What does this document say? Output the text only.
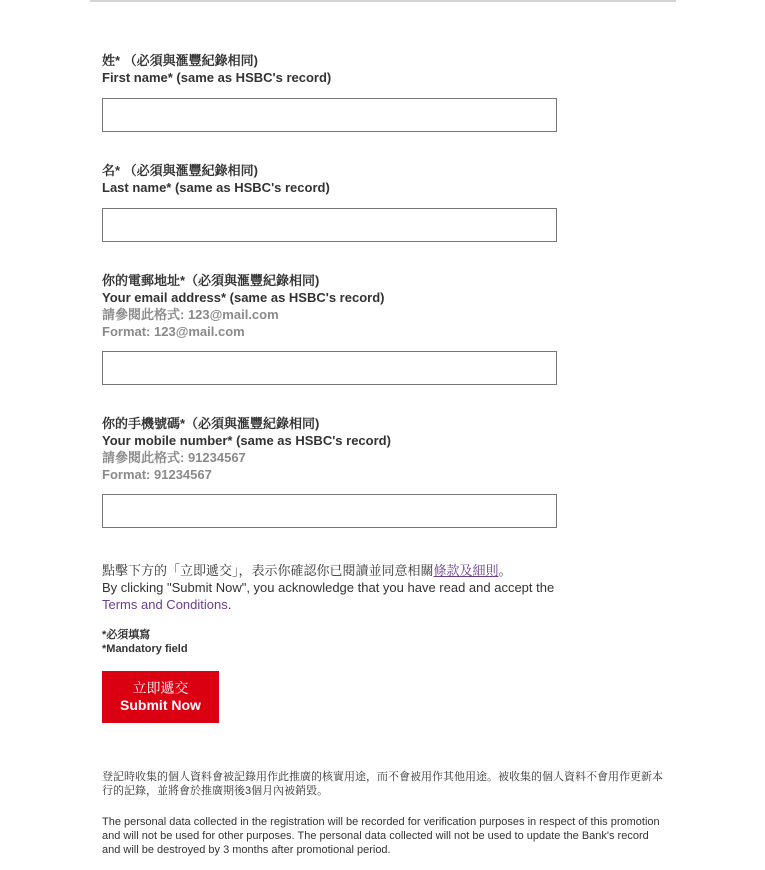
姓* （必須與滙豐紀錄相同)
First name* (same as HSBC's record)
名* （必須與滙豐紀錄相同)
Last name* (same as HSBC's record)
你的電郵地址*（必須與滙豐紀錄相同)
Your email address* (same as HSBC's record)
請參閱此格式: 123@mail.com
Format: 123@mail.com
你的手機號碼*（必須與滙豐紀錄相同)
Your mobile number* (same as HSBC's record)
請參閱此格式: 91234567
Format: 91234567

點擊下方的「立即遞交」，表示你確認你已閱讀並同意相關條款及細則。

By clicking "Submit Now", you acknowledge that you have read and accept the
Terms and Conditions.

*必須填寫
*Mandatory field
立即遞交
Submit Now

登記時收集的個人資料會被記錄用作此推廣的核實用途，而不會被用作其他用途。被收集的個人資料不會用作更新本行的記錄，並將會於推廣期後3個月內被銷毀。

The personal data collected in the registration will be recorded for verification purposes in respect of this promotion and will not be used for other purposes. The personal data collected will not be used to update the Bank's record and will be destroyed by 3 months after promotional period.
